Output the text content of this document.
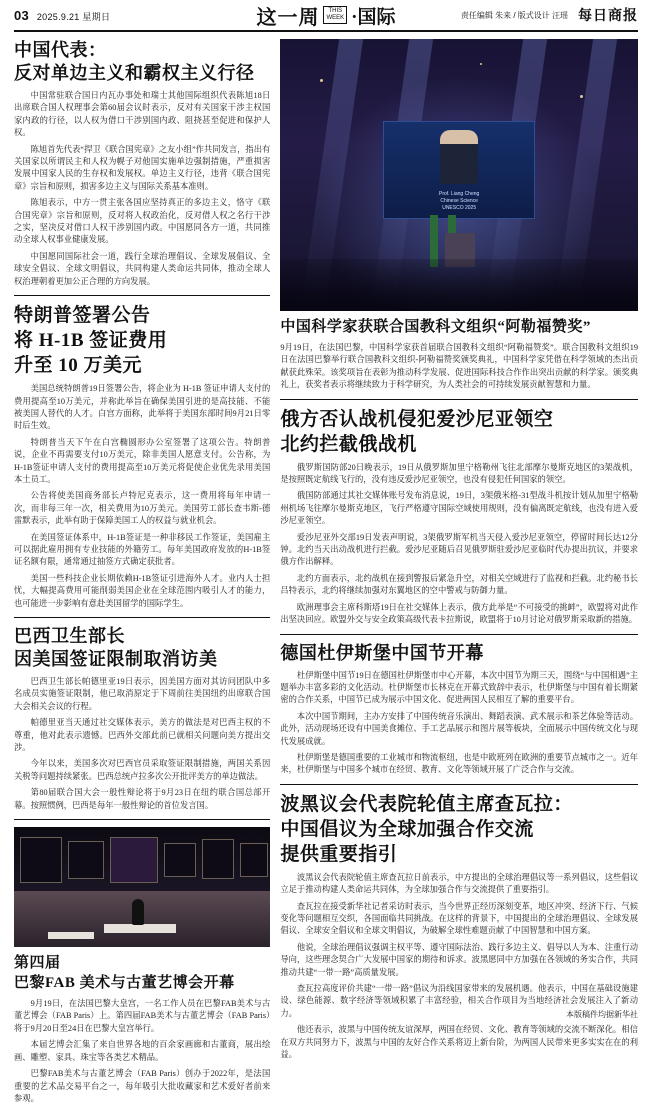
03 2025.9.21 星期日	这一周	THIS
WEEK ·国际	责任编辑 朱来 / 版式设计 汪瑶 每日商报
中国代表：
反对单边主义和霸权主义行径

中国常驻联合国日内瓦办事处和瑞士其他国际组织代表陈旭18日出席联合国人权理事会第60届会议时表示，反对有关国家干涉主权国家内政的行径，以人权为借口干涉别国内政、阻挠甚至促进和保护人权。

陈旭首先代表“捍卫《联合国宪章》之友小组”作共同发言，指出有关国家以所谓民主和人权为幌子对他国实施单边强制措施，严重损害发展中国家人民的生存权和发展权。单边主义行径，违背《联合国宪章》宗旨和原则，损害多边主义与国际关系基本准则。

陈旭表示，中方一贯主张各国应坚持真正的多边主义，恪守《联合国宪章》宗旨和原则，反对将人权政治化，反对借人权之名行干涉之实，坚决反对借口人权干涉别国内政。中国愿同各方一道，共同推动全球人权事业健康发展。

中国愿同国际社会一道，践行全球治理倡议、全球发展倡议、全球安全倡议、全球文明倡议，共同构建人类命运共同体，推动全球人权治理朝着更加公正合理的方向发展。

特朗普签署公告
将 H-1B 签证费用
升至 10 万美元

美国总统特朗普19日签署公告，将企业为 H-1B 签证申请人支付的费用提高至10万美元，并称此举旨在确保美国引进的是高技能、不能被美国人替代的人才。白宫方面称，此举将于美国东部时间9月21日零时后生效。

特朗普当天下午在白宫椭圆形办公室签署了这项公告。特朗普说，企业不再需要支付10万美元，除非美国人愿意支付。公告称，为H-1B签证申请人支付的费用提高至10万美元将促使企业优先录用美国本土员工。

公告将使美国商务部长卢特尼克表示，这一费用将每年申请一次，而非每三年一次，相关费用为10万美元。美国劳工部长查韦斯-德雷默表示，此举有助于保障美国工人的权益与就业机会。

在美国签证体系中，H-1B签证是一种非移民工作签证，美国雇主可以据此雇用拥有专业技能的外籍劳工。每年美国政府发放的H-1B签证名额有限，通常通过抽签方式确定获批者。

美国一些科技企业长期依赖H-1B签证引进海外人才。业内人士担忧，大幅提高费用可能削弱美国企业在全球范围内吸引人才的能力，也可能进一步影响有意赴美国留学的国际学生。

巴西卫生部长
因美国签证限制取消访美

巴西卫生部长帕德里亚19日表示，因美国方面对其访问团队中多名成员实施签证限制，他已取消原定于下周前往美国纽约出席联合国大会相关会议的行程。

帕德里亚当天通过社交媒体表示，美方的做法是对巴西主权的不尊重，他对此表示遗憾。巴西外交部此前已就相关问题向美方提出交涉。

今年以来，美国多次对巴西官员采取签证限制措施，两国关系因关税等问题持续紧张。巴西总统卢拉多次公开批评美方的单边做法。

第80届联合国大会一般性辩论将于9月23日在纽约联合国总部开幕。按照惯例，巴西是每年一般性辩论的首位发言国。

第四届
巴黎FAB 美术与古董艺博会开幕

9月19日，在法国巴黎大皇宫，一名工作人员在巴黎FAB美术与古董艺博会（FAB Paris）上。第四届FAB美术与古董艺博会（FAB Paris）将于9月20日至24日在巴黎大皇宫举行。

本届艺博会汇集了来自世界各地的百余家画廊和古董商，展出绘画、雕塑、家具、珠宝等各类艺术精品。

巴黎FAB美术与古董艺博会（FAB Paris）创办于2022年，是法国重要的艺术品交易平台之一，每年吸引大批收藏家和艺术爱好者前来参观。

Prof. Liang Cheng
Chinese Science
UNESCO 2025
中国科学家获联合国教科文组织“阿勒福赞奖”

9月19日，在法国巴黎，中国科学家获首届联合国教科文组织“阿勒福赞奖”。联合国教科文组织19日在法国巴黎举行联合国教科文组织-阿勒福赞奖颁奖典礼，中国科学家凭借在科学领域的杰出贡献获此殊荣。该奖项旨在表彰为推动科学发展、促进国际科技合作作出突出贡献的科学家。颁奖典礼上，获奖者表示将继续致力于科学研究，为人类社会的可持续发展贡献智慧和力量。

俄方否认战机侵犯爱沙尼亚领空
北约拦截俄战机

俄罗斯国防部20日晚表示，19日从俄罗斯加里宁格勒州飞往北部摩尔曼斯克地区的3架战机，是按照既定航线飞行的，没有违反爱沙尼亚领空，也没有侵犯任何国家的领空。

俄国防部通过其社交媒体账号发布消息说，19日，3架俄米格-31型战斗机按计划从加里宁格勒州机场飞往摩尔曼斯克地区，飞行严格遵守国际空域使用规则，没有偏离既定航线，也没有进入爱沙尼亚领空。

爱沙尼亚外交部19日发表声明说，3架俄罗斯军机当天侵入爱沙尼亚领空，停留时间长达12分钟。北约当天出动战机进行拦截。爱沙尼亚随后召见俄罗斯驻爱沙尼亚临时代办提出抗议，并要求俄方作出解释。

北约方面表示，北约战机在接到警报后紧急升空，对相关空域进行了监视和拦截。北约秘书长吕特表示，北约将继续加强对东翼地区的空中警戒与防御力量。

欧洲理事会主席科斯塔19日在社交媒体上表示，俄方此举是“不可接受的挑衅”，欧盟将对此作出坚决回应。欧盟外交与安全政策高级代表卡拉斯说，欧盟将于10月讨论对俄罗斯采取新的措施。

德国杜伊斯堡中国节开幕

杜伊斯堡中国节19日在德国杜伊斯堡市中心开幕，本次中国节为期三天，围绕“与中国相遇”主题举办丰富多彩的文化活动。杜伊斯堡市长林克在开幕式致辞中表示，杜伊斯堡与中国有着长期紧密的合作关系，中国节已成为展示中国文化、促进两国人民相互了解的重要平台。

本次中国节期间，主办方安排了中国传统音乐演出、舞蹈表演、武术展示和茶艺体验等活动。此外，活动现场还设有中国美食摊位、手工艺品展示和图片展等板块，全面展示中国传统文化与现代发展成就。

杜伊斯堡是德国重要的工业城市和物流枢纽，也是中欧班列在欧洲的重要节点城市之一。近年来，杜伊斯堡与中国多个城市在经贸、教育、文化等领域开展了广泛合作与交流。

波黑议会代表院轮值主席查瓦拉：
中国倡议为全球加强合作交流
提供重要指引

波黑议会代表院轮值主席查瓦拉日前表示，中方提出的全球治理倡议等一系列倡议，这些倡议立足于推动构建人类命运共同体，为全球加强合作与交流提供了重要指引。

查瓦拉在接受新华社记者采访时表示，当今世界正经历深刻变革，地区冲突、经济下行、气候变化等问题相互交织，各国面临共同挑战。在这样的背景下，中国提出的全球治理倡议、全球发展倡议、全球安全倡议和全球文明倡议，为破解全球性难题贡献了中国智慧和中国方案。

他说，全球治理倡议强调主权平等、遵守国际法治、践行多边主义、倡导以人为本、注重行动导向，这些理念契合广大发展中国家的期待和诉求。波黑愿同中方加强在各领域的务实合作，共同推动共建“一带一路”高质量发展。

查瓦拉高度评价共建“一带一路”倡议为沿线国家带来的发展机遇。他表示，中国在基础设施建设、绿色能源、数字经济等领域积累了丰富经验，相关合作项目为当地经济社会发展注入了新动力。

他还表示，波黑与中国传统友谊深厚，两国在经贸、文化、教育等领域的交流不断深化。相信在双方共同努力下，波黑与中国的友好合作关系将迈上新台阶，为两国人民带来更多实实在在的利益。

本版稿件均据新华社
